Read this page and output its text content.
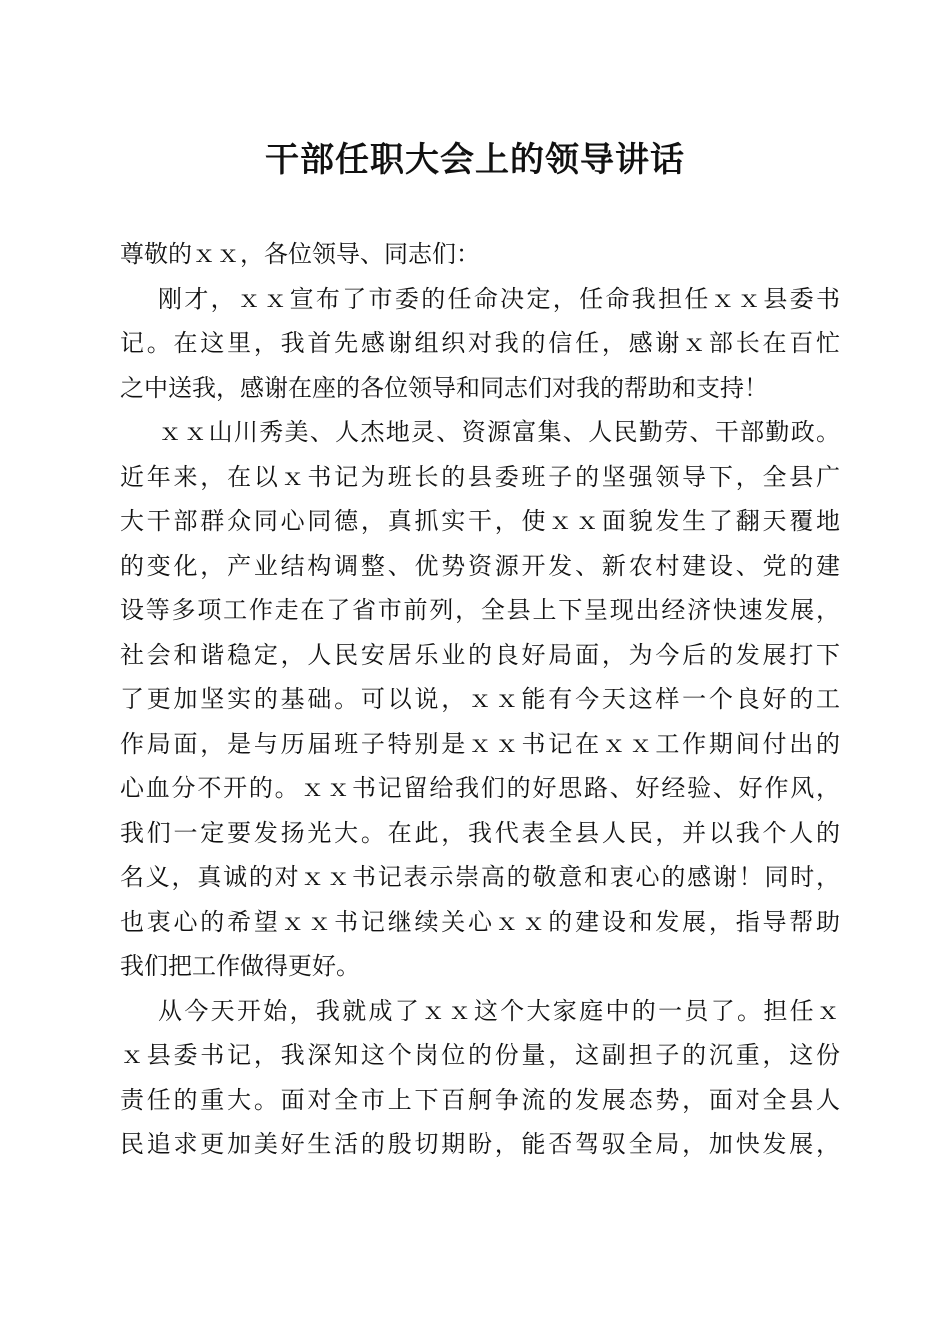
干部任职大会上的领导讲话

尊敬的ｘｘ，各位领导、同志们：

刚才，ｘｘ宣布了市委的任命决定，任命我担任ｘｘ县委书
记。在这里，我首先感谢组织对我的信任，感谢ｘ部长在百忙
之中送我，感谢在座的各位领导和同志们对我的帮助和支持！
ｘｘ山川秀美、人杰地灵、资源富集、人民勤劳、干部勤政。
近年来，在以ｘ书记为班长的县委班子的坚强领导下，全县广
大干部群众同心同德，真抓实干，使ｘｘ面貌发生了翻天覆地
的变化，产业结构调整、优势资源开发、新农村建设、党的建
设等多项工作走在了省市前列，全县上下呈现出经济快速发展，
社会和谐稳定，人民安居乐业的良好局面，为今后的发展打下
了更加坚实的基础。可以说，ｘｘ能有今天这样一个良好的工
作局面，是与历届班子特别是ｘｘ书记在ｘｘ工作期间付出的
心血分不开的。ｘｘ书记留给我们的好思路、好经验、好作风，
我们一定要发扬光大。在此，我代表全县人民，并以我个人的
名义，真诚的对ｘｘ书记表示崇高的敬意和衷心的感谢！同时，
也衷心的希望ｘｘ书记继续关心ｘｘ的建设和发展，指导帮助
我们把工作做得更好。
从今天开始，我就成了ｘｘ这个大家庭中的一员了。担任ｘ
ｘ县委书记，我深知这个岗位的份量，这副担子的沉重，这份
责任的重大。面对全市上下百舸争流的发展态势，面对全县人
民追求更加美好生活的殷切期盼，能否驾驭全局，加快发展，
